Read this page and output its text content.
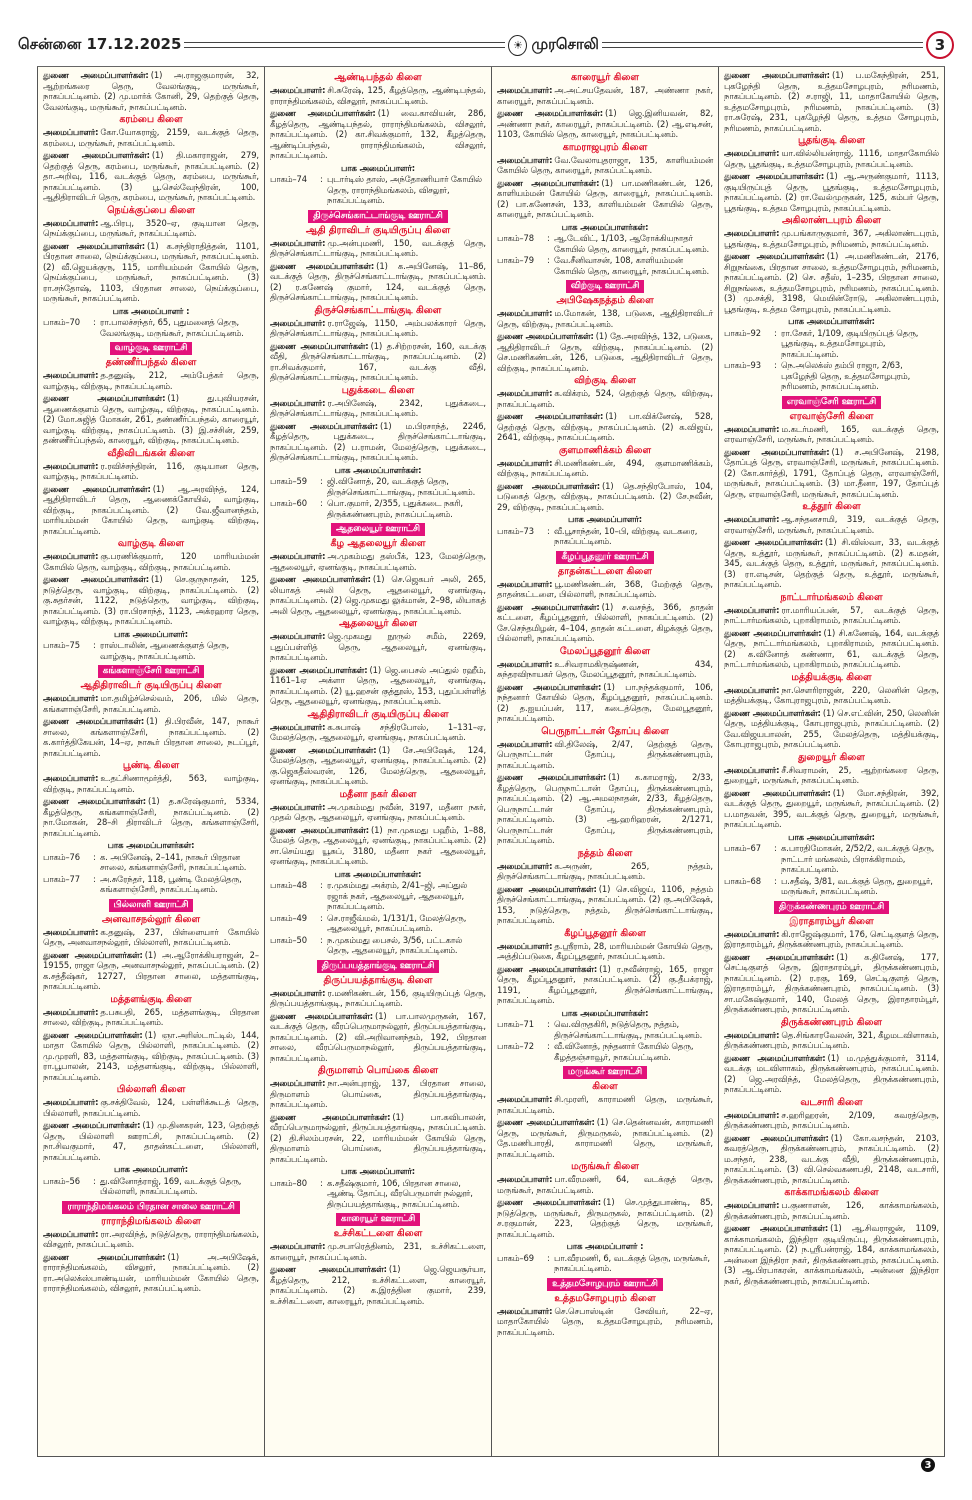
சென்னை 17.12.2025	☀ முரசொலி	3

துணை அமைப்பாளர்கள்: (1) அ.ராஜகுமாரன், 32, ஆற்றங்கரை தெரு, வேலங்குடி, மருங்கூர், நாகப்பட்டினம். (2) மு.மார்க் கோனி, 29, தெற்குத் தெரு, வேலங்குடி, மருங்கூர், நாகப்பட்டினம்.

கரம்பை கிளை

அமைப்பாளர்: கோ.யோகராஜ், 2159, வடக்குத் தெரு, கரம்பை, மருங்கூர், நாகப்பட்டினம்.

துணை அமைப்பாளர்கள்: (1) தி.மகாராஜன், 279, தெற்குத் தெரு, கரம்பை, மருங்கூர், நாகப்பட்டினம். (2) தா.அறிவு, 116, வடக்குத் தெரு, கரம்பை, மருங்கூர், நாகப்பட்டினம். (3) பூ.செல்வேந்திரன், 100, ஆதிதிராவிடர் தெரு, கரம்பை, மருங்கூர், நாகப்பட்டினம்.

நெய்க்குப்பை கிளை

அமைப்பாளர்: ஆ.பிரபு, 3520–ஏ, குடியான தெரு, நெய்க்குப்பை, மருங்கூர், நாகப்பட்டினம்.

துணை அமைப்பாளர்கள்: (1) க.சந்திராதித்தன், 1101, பிரதான சாலை, நெய்க்குப்பை, மருங்கூர், நாகப்பட்டினம். (2) வீ.ஜெயக்குரு, 115, மாரியம்மன் கோயில் தெரு, நெய்க்குப்பை, மருங்கூர், நாகப்பட்டினம். (3) ரா.சந்தோஷ், 1103, பிரதான சாலை, நெய்க்குப்பை, மருங்கூர், நாகப்பட்டினம்.

பாக அமைப்பாளர் :
பாகம்–70	: ரா.பாலச்சந்தர், 65, புதுமனைத் தெரு, வேலங்குடி, மருங்கூர், நாகப்பட்டினம்.
வாழ்குடி ஊராட்சி
தண்ணீர்பந்தல் கிளை

அமைப்பாளர்: த.தனுஷ், 212, அம்பேத்கர் தெரு, வாழ்குடி, விற்குடி, நாகப்பட்டினம்.

துணை அமைப்பாளர்கள்: (1) து.புவியரசன், ஆணைக்குளம் தெரு, வாழ்குடி, விற்குடி, நாகப்பட்டினம். (2) மோ.சுஜித் மோகன், 261, தண்ணீர்ப்பந்தல், காரையூர், வாழ்குடி விற்குடி, நாகப்பட்டினம். (3) இ.சச்சின், 259, தண்ணீர்ப்பந்தல், காரையூர், விற்குடி, நாகப்பட்டினம்.

வீதிவிடங்கன் கிளை

அமைப்பாளர்: ர.ரவிச்சந்திரன், 116, குடியான தெரு, வாழ்குடி, நாகப்பட்டினம்.

துணை அமைப்பாளர்கள்: (1) ஆ.அரவிந்த், 124, ஆதிதிராவிடர் தெரு, ஆணைக்கோயில், வாழ்குடி, விற்குடி, நாகப்பட்டினம். (2) வே.ஜீவானந்தம், மாரியம்மன் கோயில் தெரு, வாழ்குடி விற்குடி, நாகப்பட்டினம்.

வாழ்குடி கிளை

அமைப்பாளர்: கு.பரணிக்குமார், 120 மாரியம்மன் கோயில் தெரு, வாழ்குடி, விற்குடி, நாகப்பட்டினம்.

துணை அமைப்பாளர்கள்: (1) செ.குருநாதன், 125, நடுத்தெரு, வாழ்குடி, விற்குடி, நாகப்பட்டினம். (2) கு.சுதர்சன், 1122, நடுத்தெரு, வாழ்குடி, விற்குடி, நாகப்பட்டினம். (3) ரா.பிரசாந்த், 1123, அக்ரஹார தெரு, வாழ்குடி, விற்குடி, நாகப்பட்டினம்.

பாக அமைப்பாளர்:
பாகம்–75	: ராஸ்டாலின், ஆணைக்குளத் தெரு, வாழ்குடி, நாகப்பட்டினம்.
கங்களாஞ்சேரி ஊராட்சி
ஆதிதிராவிடர் குடியிருப்பு கிளை

அமைப்பாளர்: மா.தமிழ்ச்செல்வம், 206, மில் தெரு, கங்களாஞ்சேரி, நாகப்பட்டினம்.

துணை அமைப்பாளர்கள்: (1) தி.பிரவீன், 147, நாகூர் சாலை, கங்களாஞ்சேரி, நாகப்பட்டினம். (2) க.கார்த்திகேயன், 14–ஏ, நாகூர் பிரதான சாலை, நடப்பூர், நாகப்பட்டினம்.

பூண்டி கிளை

அமைப்பாளர்: உ.தட்சிணாமூர்த்தி, 563, வாழ்குடி, விற்குடி, நாகப்பட்டினம்.

துணை அமைப்பாளர்கள்: (1) த.சுரேஷ்குமார், 5334, கீழத்தெரு, கங்களாஞ்சேரி, நாகப்பட்டினம். (2) நா.மோகன், 28–சி திராவிடர் தெரு, கங்களாஞ்சேரி, நாகப்பட்டினம்.

பாக அமைப்பாளர்கள்:
பாகம்–76	: க. அபினேஷ், 2–141, நாகூர் பிரதான சாலை, கங்களாஞ்சேரி, நாகப்பட்டினம்.
பாகம்–77	: அ.சுரேந்தர், 118, பூண்டி மேலத்தெரு, கங்களாஞ்சேரி, நாகப்பட்டினம்.
பில்லாளி ஊராட்சி
அனவாசநல்லூர் கிளை

அமைப்பாளர்: க.தனுஷ், 237, பிள்ளையார் கோயில் தெரு, அனவாசநல்லூர், பில்லாளி, நாகப்பட்டினம்.

துணை அமைப்பாளர்கள்: (1) அ.ஆரோக்கியராஜன், 2–19155, ராஜா தெரு, அனவாசநல்லூர், நாகப்பட்டினம். (2) க.சத்தீஷ்கர், 12727, பிரதான சாலை, மத்தளங்குடி, நாகப்பட்டினம்.

மத்தளங்குடி கிளை

அமைப்பாளர்: த.பசுபதி, 265, மத்தளங்குடி, பிரதான சாலை, விற்குடி, நாகப்பட்டினம்.

துணை அமைப்பாளர்கள்: (1) ஞா.அரிஸ்டாட்டில், 144, மாதா கோயில் தெரு, பில்லாளி, நாகப்பட்டினம். (2) மு.முரளி, 83, மத்தளங்குடி, விற்குடி, நாகப்பட்டினம். (3) ரா.பூபாலன், 2143, மத்தளங்குடி, விற்குடி, பில்லாளி, நாகப்பட்டினம்.

பில்லாளி கிளை

அமைப்பாளர்: கு.சக்திவேல், 124, பள்ளிக்கூடத் தெரு, பில்லாளி, நாகப்பட்டினம்.

துணை அமைப்பாளர்கள்: (1) மு.தினகரன், 123, தெற்குத் தெரு, பில்லாளி ஊராட்சி, நாகப்பட்டினம். (2) நா.சிவகுமார், 47, தாதன்கட்டளை, பில்லாளி, நாகப்பட்டினம்.

பாக அமைப்பாளர்:
பாகம்–56	: து.வினோத்ராஜ், 169, வடக்குத் தெரு, பில்லாளி, நாகப்பட்டினம்.
ராராந்திமங்கலம் பிரதான சாலை ஊராட்சி
ராராந்திமங்கலம் கிளை

அமைப்பாளர்: ரா.அரவிந்த், நடுத்தெரு, ராராந்திமங்கலம், விசலூர், நாகப்பட்டினம்.

துணை அமைப்பாளர்கள்: (1) அ.அபிஷேக், ராராந்திமங்கலம், விசலூர், நாகப்பட்டினம். (2) ரா.அலெக்ஸ்பாண்டியன், மாரியம்மன் கோயில் தெரு, ராராந்திமங்கலம், விசலூர், நாகப்பட்டினம்.

ஆண்டிபந்தல் கிளை

அமைப்பாளர்: சி.சுரேஷ், 125, கீழத்தெரு, ஆண்டிபந்தல், ராராந்திமங்கலம், விசலூர், நாகப்பட்டினம்.

துணை அமைப்பாளர்கள்: (1) வை.காவியன், 286, கீழத்தெரு, ஆண்டிபந்தல், ராராந்திமங்கலம், விசலூர், நாகப்பட்டினம். (2) கா.சிவக்குமார், 132, கீழத்தெரு, ஆண்டிப்பந்தல், ராராந்திமங்கலம், விசலூர், நாகப்பட்டினம்.

பாக அமைப்பாளர்:
பாகம்–74	: புடார்டிஸ் தாஸ், அந்தோணியார் கோயில் தெரு, ராராந்திமங்கலம், விசலூர், நாகப்பட்டினம்.
திருச்செங்காட்டாங்குடி ஊராட்சி
ஆதி திராவிடர் குடியிருப்பு கிளை

அமைப்பாளர்: மு.அன்புமணி, 150, வடக்குத் தெரு, திருச்செங்காட்டாங்குடி, நாகப்பட்டினம்.

துணை அமைப்பாளர்கள்: (1) க.அபினேஷ், 11–86, வடக்குத் தெரு, திருச்செங்காட்டாங்குடி, நாகப்பட்டினம். (2) ர.கணேஷ் குமார், 124, வடக்குத் தெரு, திருச்செங்காட்டாங்குடி, நாகப்பட்டினம்.

திருச்செங்காட்டாங்குடி கிளை

அமைப்பாளர்: ர.ராஜேஷ், 1150, அம்பலக்காரர் தெரு, திருச்செங்காட்டாங்குடி, நாகப்பட்டினம்.

துணை அமைப்பாளர்கள்: (1) த.சிற்றரசன், 160, வடக்கு வீதி, திருச்செங்காட்டாங்குடி, நாகப்பட்டினம். (2) ரா.சிவக்குமார், 167, வடக்கு வீதி, திருச்செங்காட்டாங்குடி, நாகப்பட்டினம்.

புதுக்கடை கிளை

அமைப்பாளர்: ர.அபினேஷ், 2342, புதுக்கடை, திருச்செங்காட்டாங்குடி, நாகப்பட்டினம்.

துணை அமைப்பாளர்கள்: (1) ம.பிரசாந்த், 2246, கீழத்தெரு, புதுக்கடை, திருச்செங்காட்டாங்குடி, நாகப்பட்டினம். (2) ப.ராமன், மேலத்தெரு, புதுக்கடை, திருச்செங்காட்டாங்குடி, நாகப்பட்டினம்.

பாக அமைப்பாளர்கள்:
பாகம்–59	: ஜி.வினோத், 20, வடக்குத் தெரு, திருச்செங்காட்டாங்குடி, நாகப்பட்டினம்.
பாகம்–60	: பொ.குமார், 2/355, புதுக்கடை நகரி, திருக்கண்ணபுரம், நாகப்பட்டினம்.
ஆதலையூர் ஊராட்சி
கீழ ஆதலையூர் கிளை

அமைப்பாளர்: அ.முகம்மது தஸ்பீக், 123, மேலத்தெரு, ஆதலையூர், ஏனங்குடி, நாகப்பட்டினம்.

துணை அமைப்பாளர்கள்: (1) செ.ஜெகபர் அலி, 265, லியாகத் அலி தெரு, ஆதலையூர், ஏனங்குடி, நாகப்பட்டினம். (2) ஜெ.முகமது லுக்மான், 2–98, லியாகத் அலி தெரு, ஆதலையூர், ஏனங்குடி, நாகப்பட்டினம்.

ஆதலையூர் கிளை

அமைப்பாளர்: ஜெ.முகமது நூருல் சமீம், 2269, புதுப்பள்ளித் தெரு, ஆதலையூர், ஏனங்குடி, நாகப்பட்டினம்.

துணை அமைப்பாளர்கள்: (1) ஜெ.பைசல் அப்துல் ரஹீம், 1161–1ஏ அக்ளா தெரு, ஆதலையூர், ஏனங்குடி, நாகப்பட்டினம். (2) யூ.ஹசன் குத்தூஸ், 153, புதுப்பள்ளித் தெரு, ஆதலையூர், ஏனங்குடி, நாகப்பட்டினம்.

ஆதிதிராவிடர் குடியிருப்பு கிளை

அமைப்பாளர்: க.சுபாஷ் சந்திரபோஸ், 1–131–ஏ, மேலத்தெரு, ஆதலையூர், ஏனங்குடி, நாகப்பட்டினம்.

துணை அமைப்பாளர்கள்: (1) சே.அபிஷேக், 124, மேலத்தெரு, ஆதலையூர், ஏனங்குடி, நாகப்பட்டினம். (2) கு.ஜெகதீஸ்வரன், 126, மேலத்தெரு, ஆதலையூர், ஏனங்குடி, நாகப்பட்டினம்.

மதீனா நகர் கிளை

அமைப்பாளர்: அ.முகம்மது நவீன், 3197, மதீனா நகர், முதல் தெரு, ஆதலையூர், ஏனங்குடி, நாகப்பட்டினம்.

துணை அமைப்பாளர்கள்: (1) நா.முகமது பஹீம், 1–88, மேலத் தெரு, ஆதலையூர், ஏனங்குடி, நாகப்பட்டினம். (2) சா.செய்யது யூசுப், 3180, மதீனா நகர் ஆதலையூர், ஏனங்குடி, நாகப்பட்டினம்.

பாக அமைப்பாளர்கள்:
பாகம்–48	: ர.முகம்மது அக்ரம், 2/41–ஜி, அப்துல் ரஜாக் நகர், ஆதலையூர், ஆதலையூர், நாகப்பட்டினம்.
பாகம்–49	: செ.ராஜீவ்மல், 1/131/1, மேலத்தெரு, ஆதலையூர், நாகப்பட்டினம்.
பாகம்–50	: ந.முகம்மது பைசல், 3/56, பட்டகால் தெரு, ஆதலையூர், நாகப்பட்டினம்.
திருப்பயத்தாங்குடி ஊராட்சி
திருப்பயத்தாங்குடி கிளை

அமைப்பாளர்: ர.மணிகண்டன், 156, குடியிருப்புத் தெரு, திருப்பயத்தாங்குடி, நாகப்பட்டினம்.

துணை அமைப்பாளர்கள்: (1) பா.பாலமுருகன், 167, வடக்குத் தெரு, வீரப்பெருமாநல்லூர், திருப்பயத்தாங்குடி, நாகப்பட்டினம். (2) வி.அறிவானந்தம், 192, பிரதான சாலை, வீரப்பெருமாநல்லூர், திருப்பயத்தாங்குடி, நாகப்பட்டினம்.

திருமாளம் பொய்கை கிளை

அமைப்பாளர்: நா.அன்புராஜ், 137, பிரதான சாலை, திருமாளம் பொய்கை, திருப்பயத்தாங்குடி, நாகப்பட்டினம்.

துணை அமைப்பாளர்கள்: (1) பா.கவிபாலன், வீரப்பெருமாநல்லூர், திருப்பயத்தாங்குடி, நாகப்பட்டினம். (2) தி.சிலம்பரசன், 22, மாரியம்மன் கோயில் தெரு, திருமாளம் பொய்கை, திருப்பயத்தாங்குடி, நாகப்பட்டினம்.

பாக அமைப்பாளர்:
பாகம்–80	: க.சதீஷ்குமார், 106, பிரதான சாலை, ஆண்டி தோப்பு, வீரபெருமாள் நல்லூர், திருப்பயத்தாங்குடி, நாகப்பட்டினம்.
காரையூர் ஊராட்சி
உச்சிகட்டளை கிளை

அமைப்பாளர்: மு.சபாரெத்தினம், 231, உச்சிகட்டளை, காரையூர், நாகப்பட்டினம்.

துணை அமைப்பாளர்கள்: (1) ஜெ.ஜெயசூர்யா, கீழத்தெரு, 212, உச்சிகட்டளை, காரையூர், நாகப்பட்டினம். (2) க.இரத்தின குமார், 239, உச்சிகட்டளை, காரையூர், நாகப்பட்டினம்.

காரையூர் கிளை

அமைப்பாளர்: அ.அட்சயதேவன், 187, அண்ணா நகர், காரையூர், நாகப்பட்டினம்.

துணை அமைப்பாளர்கள்: (1) ஜெ.இனியவன், 82, அண்ணா நகர், காரையூர், நாகப்பட்டினம். (2) ஆ.எடிசன், 1103, கோயில் தெரு, காரையூர், நாகப்பட்டினம்.

காமராஜபுரம் கிளை

அமைப்பாளர்: வே.வேலாயுதராஜா, 135, காளியம்மன் கோயில் தெரு, காரையூர், நாகப்பட்டினம்.

துணை அமைப்பாளர்கள்: (1) பா.மணிகண்டன், 126, காளியம்மன் கோயில் தெரு, காரையூர், நாகப்பட்டினம். (2) பா.கணேசன், 133, காளியம்மன் கோயில் தெரு, காரையூர், நாகப்பட்டினம்.

பாக அமைப்பாளர்கள்:
பாகம்–78	: ஆ.டேவிட், 1/103, ஆரோக்கியநாதர் கோயில் தெரு, காரையூர், நாகப்பட்டினம்.
பாகம்–79	: வே.சீனிவாசன், 108, காளியம்மன் கோயில் தெரு, காரையூர், நாகப்பட்டினம்.
விற்குடி ஊராட்சி
அபிஷேகநத்தம் கிளை

அமைப்பாளர்: ம.மோகன், 138, படுகை, ஆதிதிராவிடர் தெரு, விற்குடி, நாகப்பட்டினம்.

துணை அமைப்பாளர்கள்: (1) தே.அரவிந்த், 132, படுகை, ஆதிதிராவிடர் தெரு, விற்குடி, நாகப்பட்டினம். (2) செ.மணிகண்டன், 126, படுகை, ஆதிதிராவிடர் தெரு, விற்குடி, நாகப்பட்டினம்.

விற்குடி கிளை

அமைப்பாளர்: க.விக்ரம், 524, தெற்குத் தெரு, விற்குடி, நாகப்பட்டினம்.

துணை அமைப்பாளர்கள்: (1) பா.விக்னேஷ், 528, தெற்குத் தெரு, விற்குடி, நாகப்பட்டினம். (2) க.விஜய், 2641, விற்குடி, நாகப்பட்டினம்.

குளமாணிக்கம் கிளை

அமைப்பாளர்: சி.மணிகண்டன், 494, குளமாணிக்கம், விற்குடி, நாகப்பட்டினம்.

துணை அமைப்பாளர்கள்: (1) தெ.சந்திரபோஸ், 104, படுகைத் தெரு, விற்குடி, நாகப்பட்டினம். (2) சே.நவீன், 29, விற்குடி, நாகப்பட்டினம்.

பாக அமைப்பாளர்:
பாகம்–73	: வீ.பூசாந்தன், 10–பி, விற்குடி வடகரை, நாகப்பட்டினம்.
கீழப்பூதனூர் ஊராட்சி
தாதன்கட்டளை கிளை

அமைப்பாளர்: பூ.மணிகண்டன், 368, மேற்குத் தெரு, தாதன்கட்டளை, பில்லாளி, நாகப்பட்டினம்.

துணை அமைப்பாளர்கள்: (1) ச.வசந்த், 366, தாதன் கட்டளை, கீழப்பூதனூர், பில்லாளி, நாகப்பட்டினம். (2) சே.செந்தமிழன், 4–104, தாதன் கட்டளை, கிழக்குத் தெரு, பில்லாளி, நாகப்பட்டினம்.

மேலப்பூதனூர் கிளை

அமைப்பாளர்: உ.சிவராமகிருஷ்ணன், 434, சுந்தரவிநாயகர் தெரு, மேலப்பூதனூர், நாகப்பட்டினம்.

துணை அமைப்பாளர்கள்: (1) பா.நந்தக்குமார், 106, நந்தனார் கோயில் தெரு, கீழப்பூதனூர், நாகப்பட்டினம். (2) த.ஐயப்பன், 117, கடைத்தெரு, மேலபூதனூர், நாகப்பட்டினம்.

பெருநாட்டான் தோப்பு கிளை

அமைப்பாளர்: வி.திலேஷ், 2/47, தெற்குத் தெரு, பெருநாட்டான் தோப்பு, திருக்கண்ணபுரம், நாகப்பட்டினம்.

துணை அமைப்பாளர்கள்: (1) க.காமராஜ், 2/33, கீழத்தெரு, பெருநாட்டான் தோப்பு, திருக்கண்ணபுரம், நாகப்பட்டினம். (2) ஆ.அமலநாதன், 2/33, கீழத்தெரு, பெருநாட்டான் தோப்பு, திருக்கண்ணபுரம், நாகப்பட்டினம். (3) ஆ.ஹரிஹரன், 2/1271, பெருநாட்டான் தோப்பு, திருக்கண்ணபுரம், நாகப்பட்டினம்.

நத்தம் கிளை

அமைப்பாளர்: க.அருண், 265, நத்தம், திருச்செங்காட்டாங்குடி, நாகப்பட்டினம்.

துணை அமைப்பாளர்கள்: (1) செ.விஜய், 1106, நத்தம் திருச்செங்காட்டாங்குடி, நாகப்பட்டினம். (2) கு.அபிஷேக், 153, நடுத்தெரு, நத்தம், திருச்செங்காட்டாங்குடி, நாகப்பட்டினம்.

கீழப்பூதனூர் கிளை

அமைப்பாளர்: த.ஸ்ரீராம், 28, மாரியம்மன் கோயில் தெரு, அத்திப்படுகை, கீழப்பூதனூர், நாகப்பட்டினம்.

துணை அமைப்பாளர்கள்: (1) ர.நவீன்ராஜ், 165, ராஜா தெரு, கீழப்பூதனூர், நாகப்பட்டினம். (2) கு.தீபக்ராஜ், 1191, கீழப்பூதனூர், திருச்செங்காட்டாங்குடி, நாகப்பட்டினம்.

பாக அமைப்பாளர்கள்:
பாகம்–71	: வெ.விருதகிரி, நடுத்தெரு, நத்தம், திருச்செங்காட்டாங்குடி, நாகப்பட்டினம்.
பாகம்–72	: வீ.வினோத், நந்தனார் கோயில் தெரு, கீழத்தஞ்சாவூர், நாகப்பட்டினம்.
மருங்கூர் ஊராட்சி
கிளை

அமைப்பாளர்: சி.முரளி, காராமணி தெரு, மருங்கூர், நாகப்பட்டினம்.

துணை அமைப்பாளர்கள்: (1) செ.தென்னவன், காராமணி தெரு, மருங்கூர், திருமருகல், நாகப்பட்டினம். (2) தே.மணிபாரதி, காராமணி தெரு, மருங்கூர், நாகப்பட்டினம்.

மருங்கூர் கிளை

அமைப்பாளர்: பா.வீரமணி, 64, வடக்குத் தெரு, மருங்கூர், நாகப்பட்டினம்.

துணை அமைப்பாளர்கள்: (1) செ.முத்துபாண்டி, 85, நடுத்தெரு, மருங்கூர், திருமருகல், நாகப்பட்டினம். (2) ச.ரகுமான், 223, தெற்குத் தெரு, மருங்கூர், நாகப்பட்டினம்.

பாக அமைப்பாளர் :
பாகம்–69	: பா.வீரமணி, 6, வடக்குத் தெரு, மருங்கூர், நாகப்பட்டினம்.
உத்தமசோழபுரம் ஊராட்சி
உத்தமசோழபுரம் கிளை

அமைப்பாளர்: செ.செபாஸ்டின் சேவியர், 22–ஏ, மாதாகோயில் தெரு, உத்தமசோழபுரம், நரிமணம், நாகப்பட்டினம்.

துணை அமைப்பாளர்கள்: (1) ப.மகேந்திரன், 251, புகழேந்தி தெரு, உத்தமசோழபுரம், நரிமணம், நாகப்பட்டினம். (2) ச.ராஜி, 11, மாதாகோயில் தெரு, உத்தமசோழபுரம், நரிமணம், நாகப்பட்டினம். (3) ரா.சுரேஷ், 231, புகழேந்தி தெரு, உத்தம சோழபுரம், நரிமணம், நாகப்பட்டினம்.

பூதங்குடி கிளை

அமைப்பாளர்: யா.வில்லியன்ராஜ், 1116, மாதாகோயில் தெரு, பூதங்குடி, உத்தமசோழபுரம், நாகப்பட்டினம்.

துணை அமைப்பாளர்கள்: (1) ஆ.அருண்குமார், 1113, குடியிருப்புத் தெரு, பூதங்குடி, உத்தமசோழபுரம், நாகப்பட்டினம். (2) ரா.வேல்முருகன், 125, கம்பர் தெரு, பூதங்குடி, உத்தம சோழபுரம், நாகப்பட்டினம்.

அகிலாண்டபுரம் கிளை

அமைப்பாளர்: மு.பங்காருகுமார், 367, அகிலாண்டபுரம், பூதங்குடி, உத்தமசோழபுரம், நரிமணம், நாகப்பட்டினம்.

துணை அமைப்பாளர்கள்: (1) அ.மணிகண்டன், 2176, சிறுநங்கை, பிரதான சாலை, உத்தமசோழபுரம், நரிமணம், நாகப்பட்டினம். (2) செ. சதீஸ், 1–235, பிரதான சாலை, சிறுநங்கை, உத்தமசோழபுரம், நரிமணம், நாகப்பட்டினம். (3) மு.சக்தி, 3198, மெயின்ரோடு, அகிலாண்டபுரம், பூதங்குடி, உத்தம சோழபுரம், நாகப்பட்டினம்.

பாக அமைப்பாளர்கள்:
பாகம்–92	: ரா.சேகர், 1/109, குடியிருப்புத் தெரு, பூதங்குடி, உத்தமசோழபுரம், நாகப்பட்டினம்.
பாகம்–93	: நெ.அலெக்ஸ் தம்பி ராஜா, 2/63, புகழேந்தி தெரு, உத்தமசோழபுரம், நரிமணம், நாகப்பட்டினம்.
எரவாஞ்சேரி ஊராட்சி
எரவாஞ்சேரி கிளை

அமைப்பாளர்: ம.கடர்மணி, 165, வடக்குத் தெரு, எரவாஞ்சேரி, மருங்கூர், நாகப்பட்டினம்.

துணை அமைப்பாளர்கள்: (1) ச.அபினேஷ், 2198, தோப்புத் தெரு, எரவாஞ்சேரி, மருங்கூர், நாகப்பட்டினம். (2) கோ.கார்த்தி, 1791, தோப்புத் தெரு, எரவாஞ்சேரி, மருங்கூர், நாகப்பட்டினம். (3) மா.தீனா, 197, தோப்புத் தெரு, எரவாஞ்சேரி, மருங்கூர், நாகப்பட்டினம்.

உத்தூர் கிளை

அமைப்பாளர்: ஆ.சந்தனசாமி, 319, வடக்குத் தெரு, எரவாஞ்சேரி, மருங்கூர், நாகப்பட்டினம்.

துணை அமைப்பாளர்கள்: (1) சி.விஸ்வா, 33, வடக்குத் தெரு, உத்தூர், மருங்கூர், நாகப்பட்டினம். (2) க.மதன், 345, வடக்குத் தெரு, உத்தூர், மருங்கூர், நாகப்பட்டினம். (3) ரா.எடிசன், தெற்குத் தெரு, உத்தூர், மருங்கூர், நாகப்பட்டினம்.

நாட்டார்மங்கலம் கிளை

அமைப்பாளர்: ரா.மாரியப்பன், 57, வடக்குத் தெரு, நாட்டார்மங்கலம், புறாகிராமம், நாகப்பட்டினம்.

துணை அமைப்பாளர்கள்: (1) சி.கணேஷ், 164, வடக்குத் தெரு, நாட்டார்மங்கலம், புறாகிராமம், நாகப்பட்டினம். (2) க.வினோத் கண்ணா, 61, வடக்குத் தெரு, நாட்டார்மங்கலம், புறாகிராமம், நாகப்பட்டினம்.

மத்தியக்குடி கிளை

அமைப்பாளர்: நா.சௌரிராஜன், 220, லெனின் தெரு, மத்தியக்குடி, கோபுராஜபுரம், நாகப்பட்டினம்.

துணை அமைப்பாளர்கள்: (1) செ.எட்வின், 250, லெனின் தெரு, மத்தியக்குடி, கோபுராஜபுரம், நாகப்பட்டினம். (2) வே.விஜயபாலன், 255, மேலத்தெரு, மத்தியக்குடி, கோபுராஜபுரம், நாகப்பட்டினம்.

துறையூர் கிளை

அமைப்பாளர்: சீ.சிவராமன், 25, ஆற்றங்கரை தெரு, துறையூர், மருங்கூர், நாகப்பட்டினம்.

துணை அமைப்பாளர்கள்: (1) மோ.சந்திரன், 392, வடக்குத் தெரு, துறையூர், மருங்கூர், நாகப்பட்டினம். (2) ப.மாதவன், 395, வடக்குத் தெரு, துறையூர், மருங்கூர், நாகப்பட்டினம்.

பாக அமைப்பாளர்கள்:
பாகம்–67	: க.பாரதிமோகன், 2/52/2, வடக்குத் தெரு, நாட்டார் மங்கலம், பிராக்கிராமம், நாகப்பட்டினம்.
பாகம்–68	: ப.சதீஷ், 3/81, வடக்குத் தெரு, துறையூர், மருங்கூர், நாகப்பட்டினம்.
திருக்கண்ணபுரம் ஊராட்சி
இராதாரம்பூர் கிளை

அமைப்பாளர்: கி.ராஜேஷ்குமார், 176, செட்டிகுளத் தெரு, இராதாரம்பூர், திருக்கண்ணபுரம், நாகப்பட்டினம்.

துணை அமைப்பாளர்கள்: (1) க.தினேஷ், 177, செட்டிகுளத் தெரு, இராதாரம்பூர், திருக்கண்ணபுரம், நாகப்பட்டினம். (2) ர.ரகு, 169, செட்டிகுளத் தெரு, இராதாரம்பூர், திருக்கண்ணபுரம், நாகப்பட்டினம். (3) சா.மகேஷ்குமார், 140, மேலத் தெரு, இராதாரம்பூர், திருக்கண்ணபுரம், நாகப்பட்டினம்.

திருக்கண்ணபுரம் கிளை

அமைப்பாளர்: தெ.சிங்காரவேலன், 321, கீழமடவிளாகம், திருக்கண்ணபுரம், நாகப்பட்டினம்.

துணை அமைப்பாளர்கள்: (1) ம.முத்துக்குமார், 3114, வடக்கு மடவிளாகம், திருக்கண்ணபுரம், நாகப்பட்டினம். (2) ஜெ.அரவிந்த், மேலத்தெரு, திருக்கண்ணபுரம், நாகப்பட்டினம்.

வடசாரி கிளை

அமைப்பாளர்: ச.ஹரிஹரன், 2/109, கவரத்தெரு, திருக்கண்ணபுரம், நாகப்பட்டினம்.

துணை அமைப்பாளர்கள்: (1) கோ.வசந்தன், 2103, கவரத்தெரு, திருக்கண்ணபுரம், நாகப்பட்டினம். (2) ம.சந்தர், 238, வடக்கு வீதி, திருக்கண்ணபுரம், நாகப்பட்டினம். (3) வி.செல்வகணபதி, 2148, வடசாரி, திருக்கண்ணபுரம், நாகப்பட்டினம்.

காக்காமங்கலம் கிளை

அமைப்பாளர்: ப.குணாளன், 126, காக்காமங்கலம், திருக்கண்ணபுரம், நாகப்பட்டினம்.

துணை அமைப்பாளர்கள்: (1) ஆ.சிவராஜன், 1109, காக்காமங்கலம், இந்திரா குடியிருப்பு, திருக்கண்ணபுரம், நாகப்பட்டினம். (2) ந.ஸ்ரீபன்ராஜ், 184, காக்காமங்கலம், அன்னை இந்திரா நகர், திருக்கண்ணபுரம், நாகப்பட்டினம். (3) ஆ.பிரபாகரன், காக்காமங்கலம், அன்னை இந்திரா நகர், திருக்கண்ணபுரம், நாகப்பட்டினம்.

3
